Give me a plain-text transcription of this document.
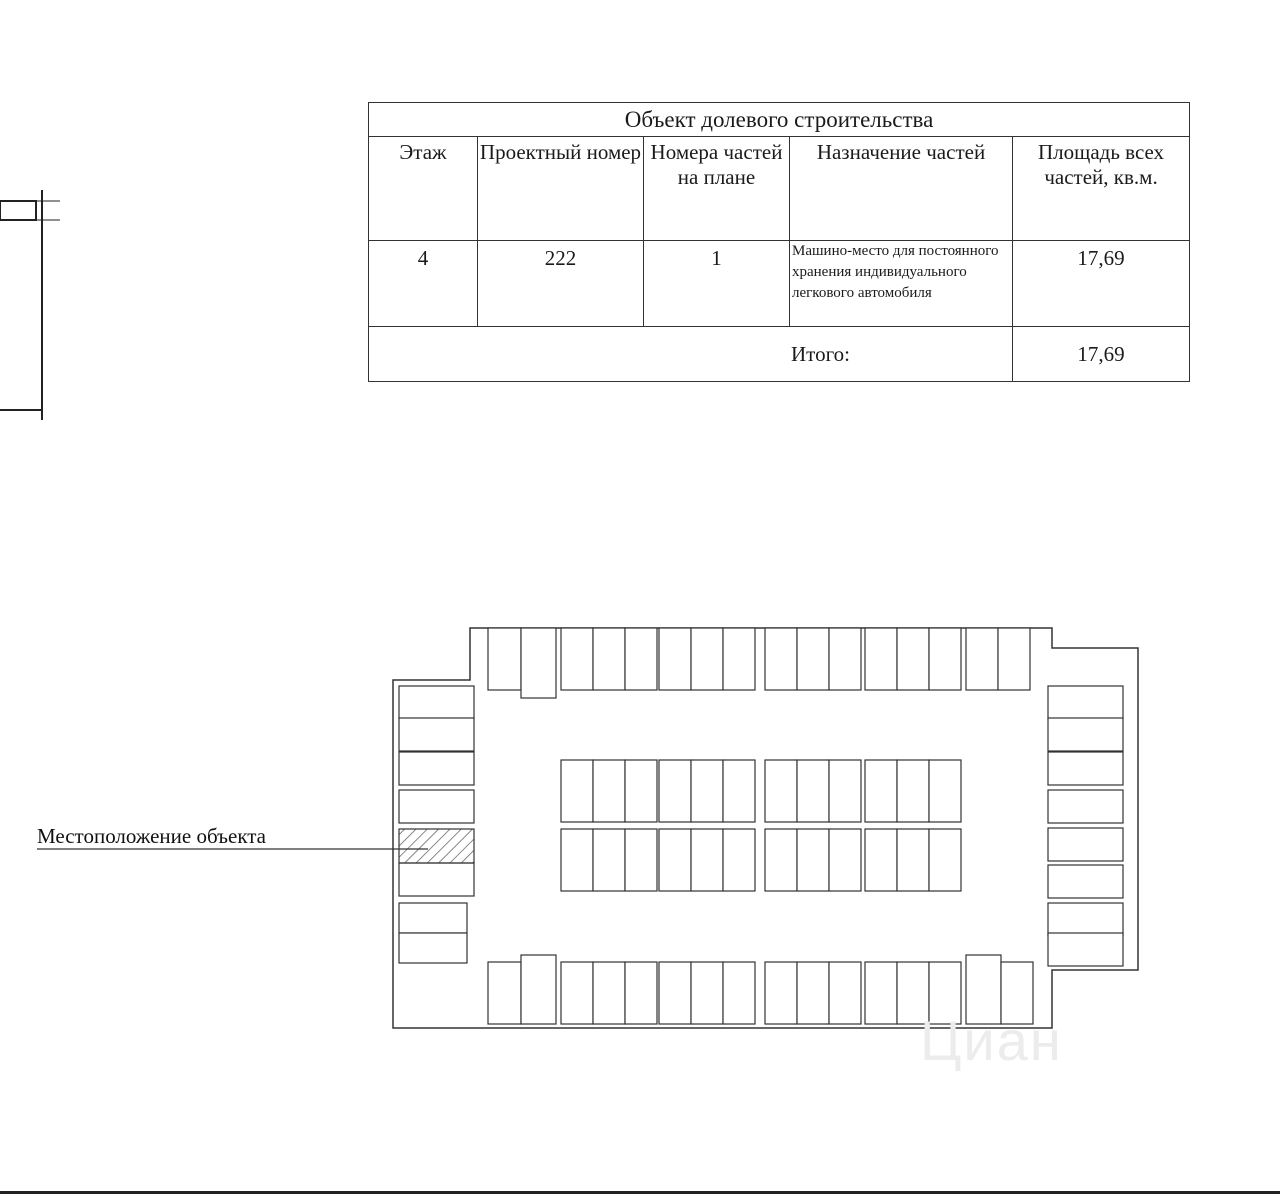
Объект долевого строительства				
Этаж	Проектный номер	Номера частей на плане	Назначение частей	Площадь всех частей, кв.м.
4	222	1	Машино-место для постоянного хранения индивидуального легкового автомобиля	17,69
Итого:				17,69
Местоположение объекта
Циан
